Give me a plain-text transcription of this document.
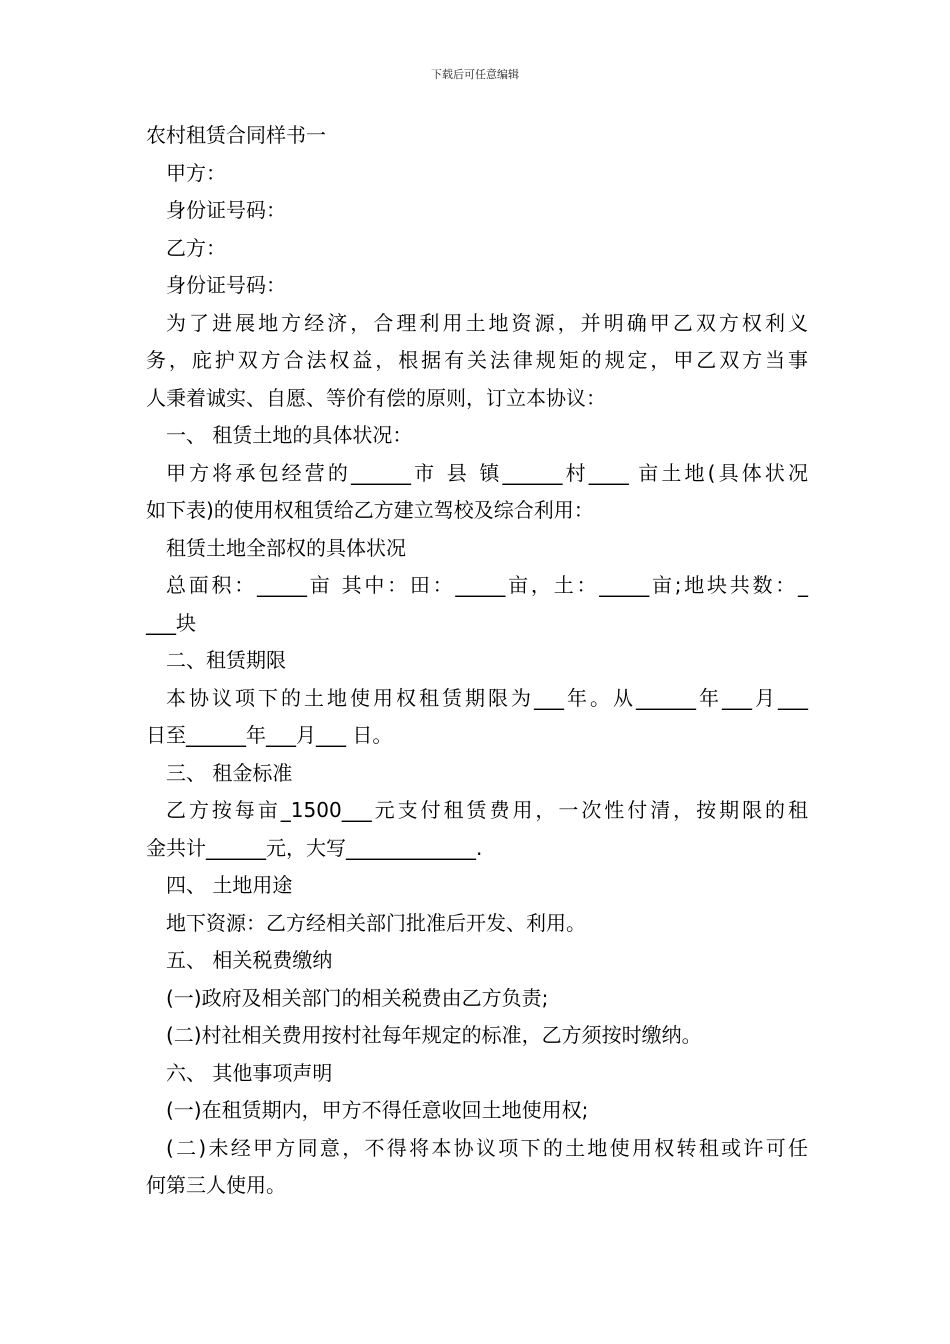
下载后可任意编辑

农村租赁合同样书一

甲方：

身份证号码：

乙方：

身份证号码：

为了进展地方经济，合理利用土地资源，并明确甲乙双方权利义

务，庇护双方合法权益，根据有关法律规矩的规定，甲乙双方当事

人秉着诚实、自愿、等价有偿的原则，订立本协议：

一、 租赁土地的具体状况：

甲方将承包经营的______市 县 镇______村____ 亩土地(具体状况

如下表)的使用权租赁给乙方建立驾校及综合利用：

租赁土地全部权的具体状况

总面积：_____亩 其中：田：_____亩，土：_____亩;地块共数：_

___块

二、租赁期限

本协议项下的土地使用权租赁期限为___年。从______年___月___

日至______年___月___ 日。

三、 租金标准

乙方按每亩_1500___元支付租赁费用，一次性付清，按期限的租

金共计______元，大写_____________.

四、 土地用途

地下资源：乙方经相关部门批准后开发、利用。

五、 相关税费缴纳

(一)政府及相关部门的相关税费由乙方负责;

(二)村社相关费用按村社每年规定的标准，乙方须按时缴纳。

六、 其他事项声明

(一)在租赁期内，甲方不得任意收回土地使用权;

(二)未经甲方同意，不得将本协议项下的土地使用权转租或许可任

何第三人使用。
